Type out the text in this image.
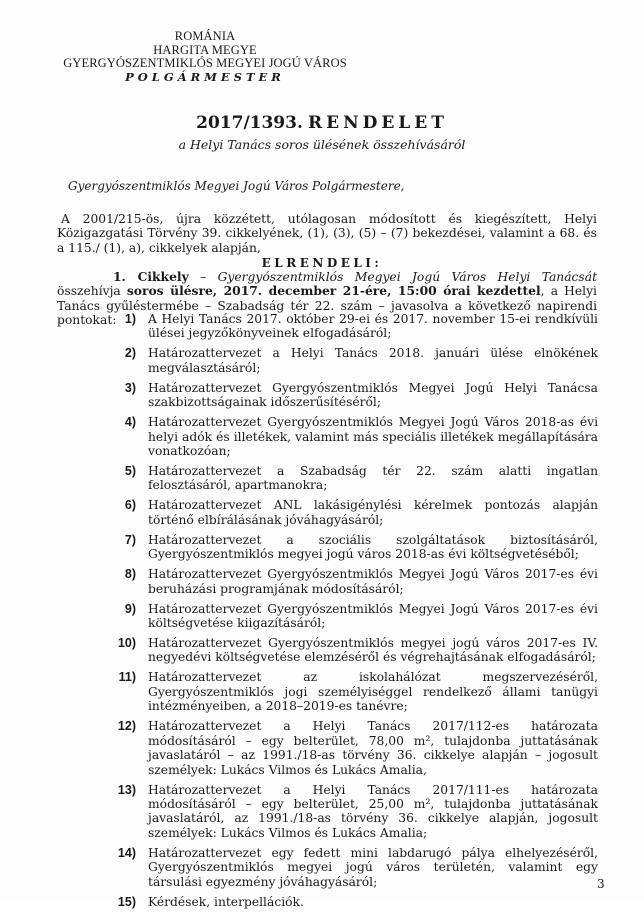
ROMÁNIA
HARGITA MEGYE
GYERGYÓSZENTMIKLÓS MEGYEI JOGÚ VÁROS
POLGÁRMESTER
2017/1393. RENDELET
a Helyi Tanács soros ülésének összehívásáról
Gyergyószentmiklós Megyei Jogú Város Polgármestere,
A 2001/215-ös, újra közzétett, utólagosan módosított és kiegészített, Helyi Közigazgatási Törvény 39. cikkelyének, (1), (3), (5) – (7) bekezdései, valamint a 68. és a 115./ (1), a), cikkelyek alapján,
ELRENDELI:
1. Cikkely – Gyergyószentmiklós Megyei Jogú Város Helyi Tanácsát összehívja soros ülésre, 2017. december 21-ére, 15:00 órai kezdettel, a Helyi Tanács gyűléstermébe – Szabadság tér 22. szám – javasolva a következő napirendi pontokat: 1) A Helyi Tanács 2017. október 29-ei és 2017. november 15-ei rendkívüli ülései jegyzőkönyveinek elfogadásáról;
2) Határozattervezet a Helyi Tanács 2018. januári ülése elnökének megválasztásáról;
3) Határozattervezet Gyergyószentmiklós Megyei Jogú Helyi Tanácsa szakbizottságainak időszerűsítéséről;
4) Határozattervezet Gyergyószentmiklós Megyei Jogú Város 2018-as évi helyi adók és illetékek, valamint más speciális illetékek megállapítására vonatkozóan;
5) Határozattervezet a Szabadság tér 22. szám alatti ingatlan felosztásáról, apartmanokra;
6) Határozattervezet ANL lakásigénylési kérelmek pontozás alapján történő elbírálásának jóváhagyásáról;
7) Határozattervezet a szociális szolgáltatások biztosításáról, Gyergyószentmiklós megyei jogú város 2018-as évi költségvetéséből;
8) Határozattervezet Gyergyószentmiklós Megyei Jogú Város 2017-es évi beruházási programjának módosításáról;
9) Határozattervezet Gyergyószentmiklós Megyei Jogú Város 2017-es évi költségvetése kiigazításáról;
10) Határozattervezet Gyergyószentmiklós megyei jogú város 2017-es IV. negyedévi költségvetése elemzéséről és végrehajtásának elfogadásáról;
11) Határozattervezet az iskolahálózat megszervezéséről, Gyergyószentmiklós jogi személyiséggel rendelkező állami tanügyi intézményeiben, a 2018–2019-es tanévre;
12) Határozattervezet a Helyi Tanács 2017/112-es határozata módosításáról – egy belterület, 78,00 m², tulajdonba juttatásának javaslatáról – az 1991./18-as törvény 36. cikkelye alapján – jogosult személyek: Lukács Vilmos és Lukács Amalia,
13) Határozattervezet a Helyi Tanács 2017/111-es határozata módosításáról – egy belterület, 25,00 m², tulajdonba juttatásának javaslatáról, az 1991./18-as törvény 36. cikkelye alapján, jogosult személyek: Lukács Vilmos és Lukács Amalia;
14) Határozattervezet egy fedett mini labdarugó pálya elhelyezéséről, Gyergyószentmiklós megyei jogú város területén, valamint egy társulási egyezmény jóváhagyásáról;
15) Kérdések, interpellációk.
3
